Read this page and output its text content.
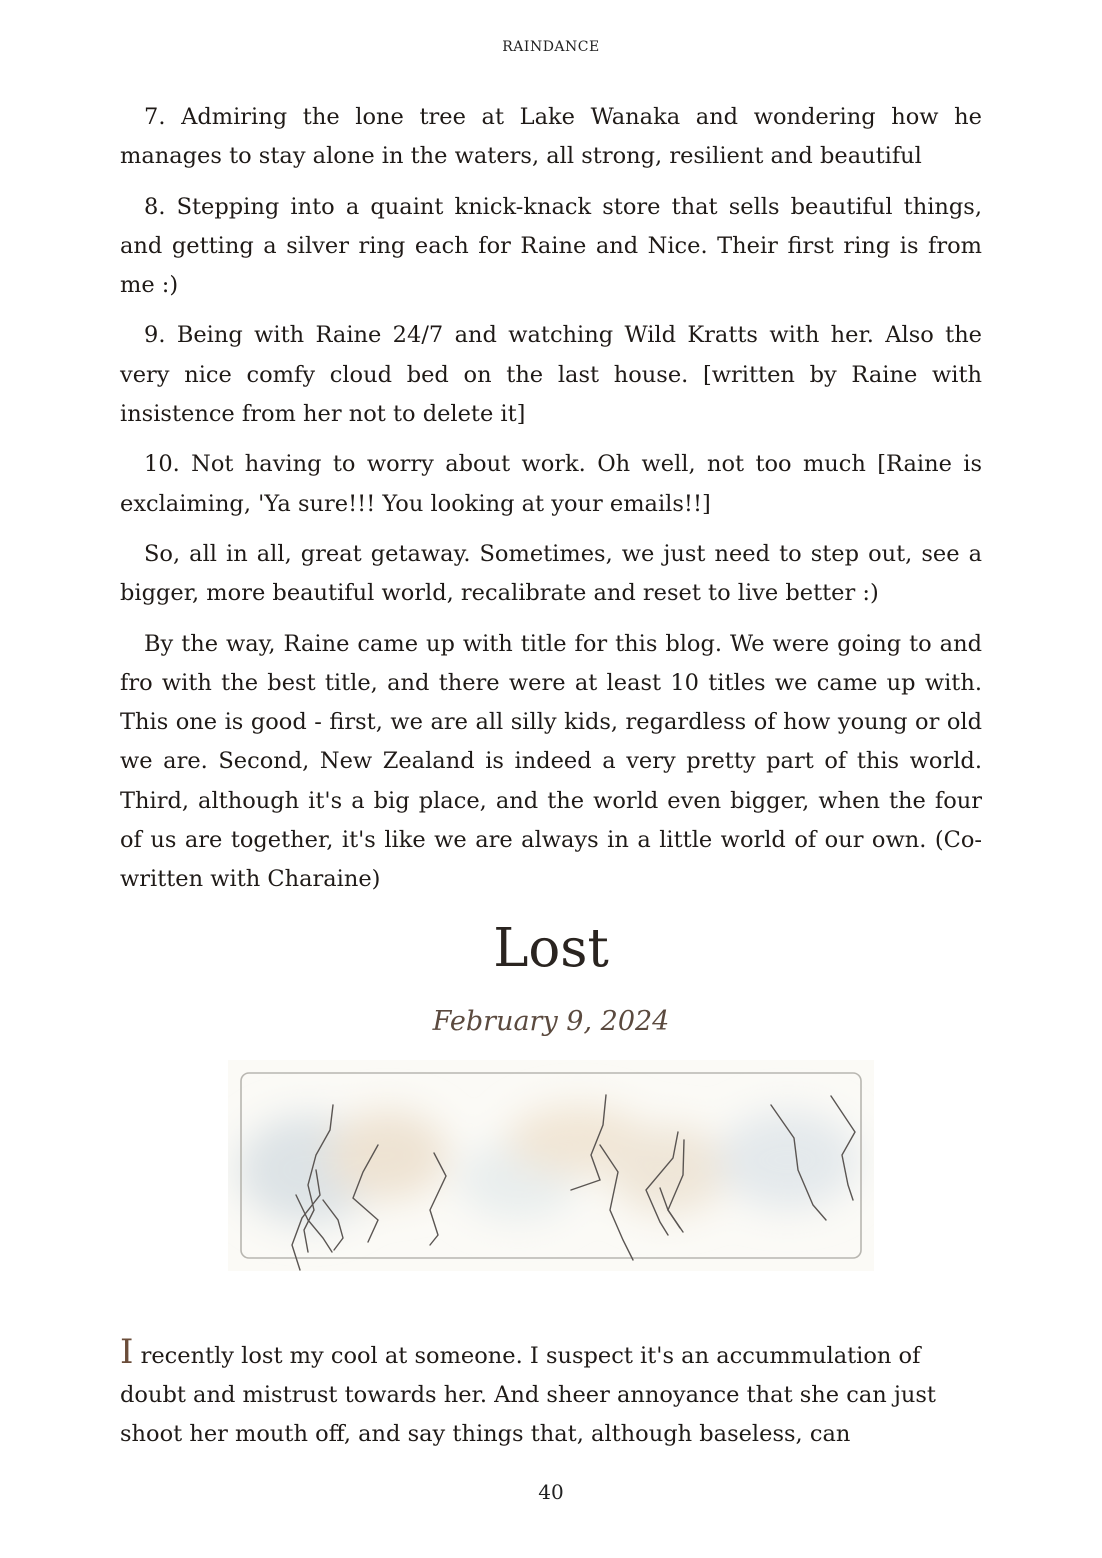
RAINDANCE

7. Admiring the lone tree at Lake Wanaka and wondering how he manages to stay alone in the waters, all strong, resilient and beautiful

8. Stepping into a quaint knick-knack store that sells beautiful things, and getting a silver ring each for Raine and Nice. Their first ring is from me :)

9. Being with Raine 24/7 and watching Wild Kratts with her. Also the very nice comfy cloud bed on the last house. [written by Raine with insistence from her not to delete it]

10. Not having to worry about work. Oh well, not too much [Raine is exclaiming, 'Ya sure!!! You looking at your emails!!]

So, all in all, great getaway. Sometimes, we just need to step out, see a bigger, more beautiful world, recalibrate and reset to live better :)

By the way, Raine came up with title for this blog. We were going to and fro with the best title, and there were at least 10 titles we came up with. This one is good - first, we are all silly kids, regardless of how young or old we are. Second, New Zealand is indeed a very pretty part of this world. Third, although it's a big place, and the world even bigger, when the four of us are together, it's like we are always in a little world of our own. (Co-written with Charaine)

Lost
February 9, 2024
I recently lost my cool at someone. I suspect it's an accummulation of doubt and mistrust towards her. And sheer annoyance that she can just shoot her mouth off, and say things that, although baseless, can
40
